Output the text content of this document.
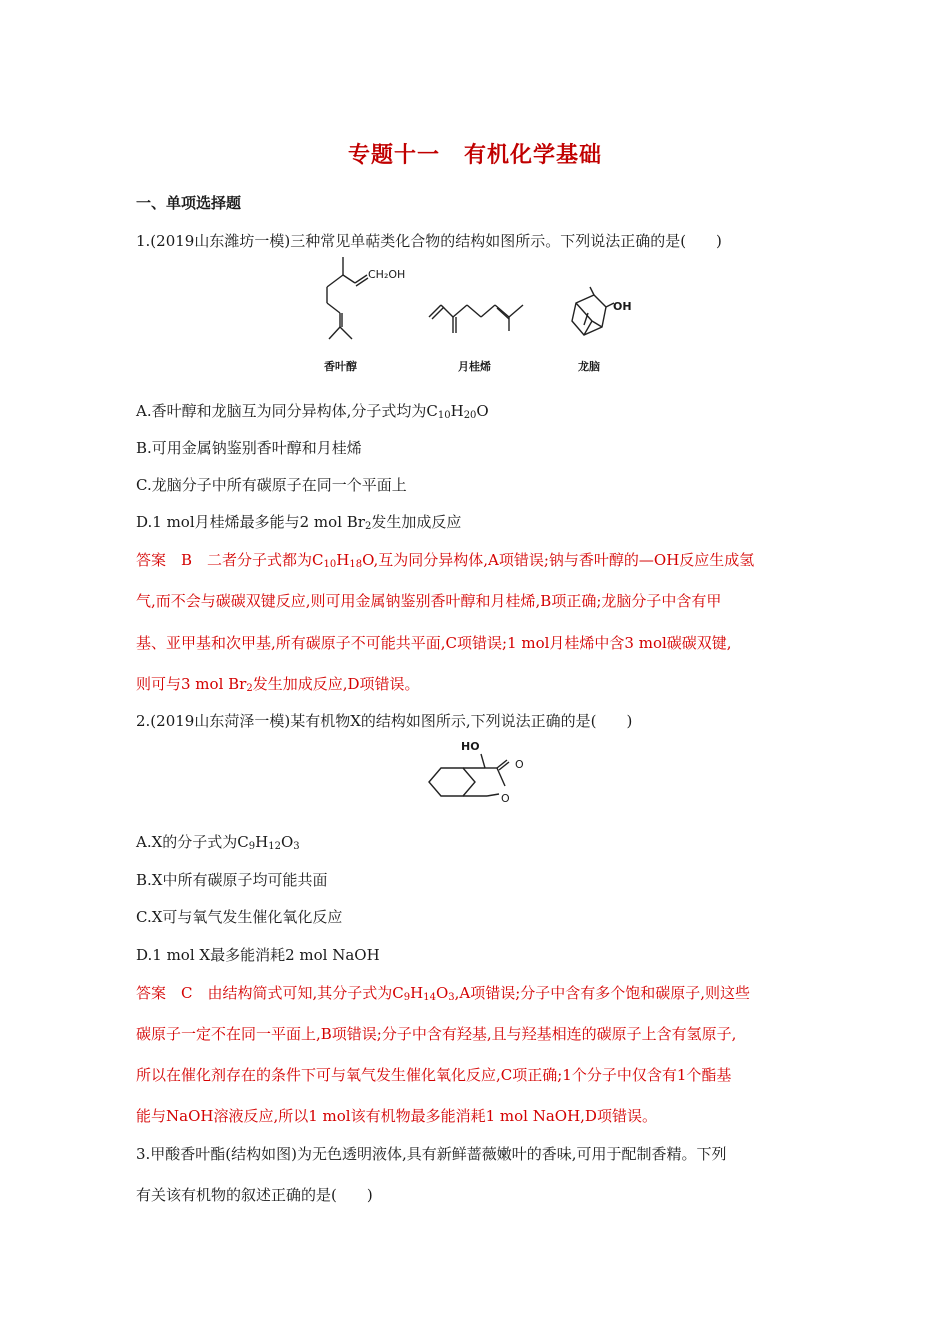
专题十一 有机化学基础
一、单项选择题
1.(2019山东潍坊一模)三种常见单萜类化合物的结构如图所示。下列说法正确的是(　　)
CH₂OH
香叶醇	月桂烯
OH
龙脑
A.香叶醇和龙脑互为同分异构体,分子式均为$C_{10}H_{20}O$
B.可用金属钠鉴别香叶醇和月桂烯
C.龙脑分子中所有碳原子在同一个平面上
D.1 mol月桂烯最多能与2 mol $Br_2$发生加成反应
答案　B　二者分子式都为$C_{10}H_{18}O$,互为同分异构体,A项错误;钠与香叶醇的—OH反应生成氢
气,而不会与碳碳双键反应,则可用金属钠鉴别香叶醇和月桂烯,B项正确;龙脑分子中含有甲
基、亚甲基和次甲基,所有碳原子不可能共平面,C项错误;1 mol月桂烯中含3 mol碳碳双键,
则可与3 mol $Br_2$发生加成反应,D项错误。
2.(2019山东菏泽一模)某有机物X的结构如图所示,下列说法正确的是(　　)
HO
O
O
A.X的分子式为$C_9H_{12}O_3$
B.X中所有碳原子均可能共面
C.X可与氧气发生催化氧化反应
D.1 mol X最多能消耗2 mol NaOH
答案　C　由结构简式可知,其分子式为$C_9H_{14}O_3,A$项错误;分子中含有多个饱和碳原子,则这些
碳原子一定不在同一平面上,B项错误;分子中含有羟基,且与羟基相连的碳原子上含有氢原子,
所以在催化剂存在的条件下可与氧气发生催化氧化反应,C项正确;1个分子中仅含有1个酯基
能与NaOH溶液反应,所以1 mol该有机物最多能消耗1 mol NaOH,D项错误。
3.甲酸香叶酯(结构如图)为无色透明液体,具有新鲜蔷薇嫩叶的香味,可用于配制香精。下列
有关该有机物的叙述正确的是(　　)
